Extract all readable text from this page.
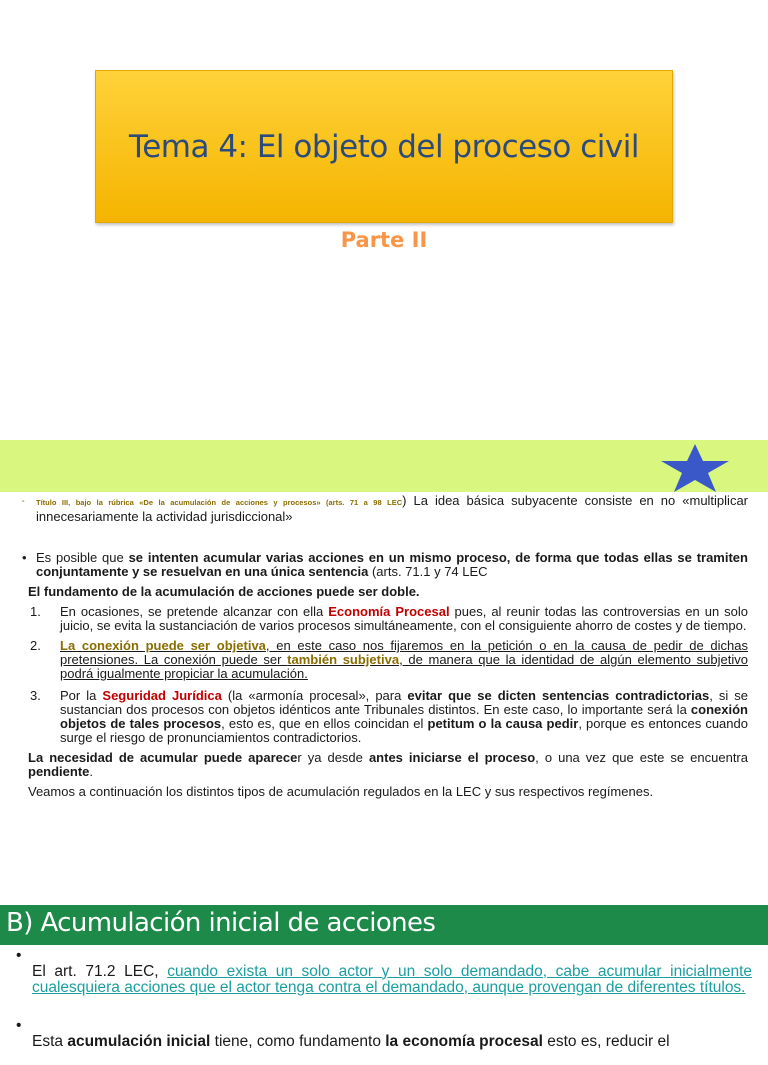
Tema 4: El objeto del proceso civil
Parte II
-	Título III, bajo la rúbrica «De la acumulación de acciones y procesos» (arts. 71 a 98 LEC) La idea básica subyacente consiste en no «multiplicar innecesariamente la actividad jurisdiccional»

• Es posible que se intenten acumular varias acciones en un mismo proceso, de forma que todas ellas se tramiten conjuntamente y se resuelvan en una única sentencia (arts. 71.1 y 74 LEC

El fundamento de la acumulación de acciones puede ser doble.

1.	En ocasiones, se pretende alcanzar con ella Economía Procesal pues, al reunir todas las controversias en un solo juicio, se evita la sustanciación de varios procesos simultáneamente, con el consiguiente ahorro de costes y de tiempo.

2.	La conexión puede ser objetiva, en este caso nos fijaremos en la petición o en la causa de pedir de dichas pretensiones. La conexión puede ser también subjetiva, de manera que la identidad de algún elemento subjetivo podrá igualmente propiciar la acumulación.

3.	Por la Seguridad Jurídica (la «armonía procesal», para evitar que se dicten sentencias contradictorias, si se sustancian dos procesos con objetos idénticos ante Tribunales distintos. En este caso, lo importante será la conexión objetos de tales procesos, esto es, que en ellos coincidan el petitum o la causa pedir, porque es entonces cuando surge el riesgo de pronunciamientos contradictorios.

La necesidad de acumular puede aparecer ya desde antes iniciarse el proceso, o una vez que este se encuentra pendiente.

Veamos a continuación los distintos tipos de acumulación regulados en la LEC y sus respectivos regímenes.

B) Acumulación inicial de acciones
•

El art. 71.2 LEC, cuando exista un solo actor y un solo demandado, cabe acumular inicialmente cualesquiera acciones que el actor tenga contra el demandado, aunque provengan de diferentes títulos.

•

Esta acumulación inicial tiene, como fundamento la economía procesal esto es, reducir el
